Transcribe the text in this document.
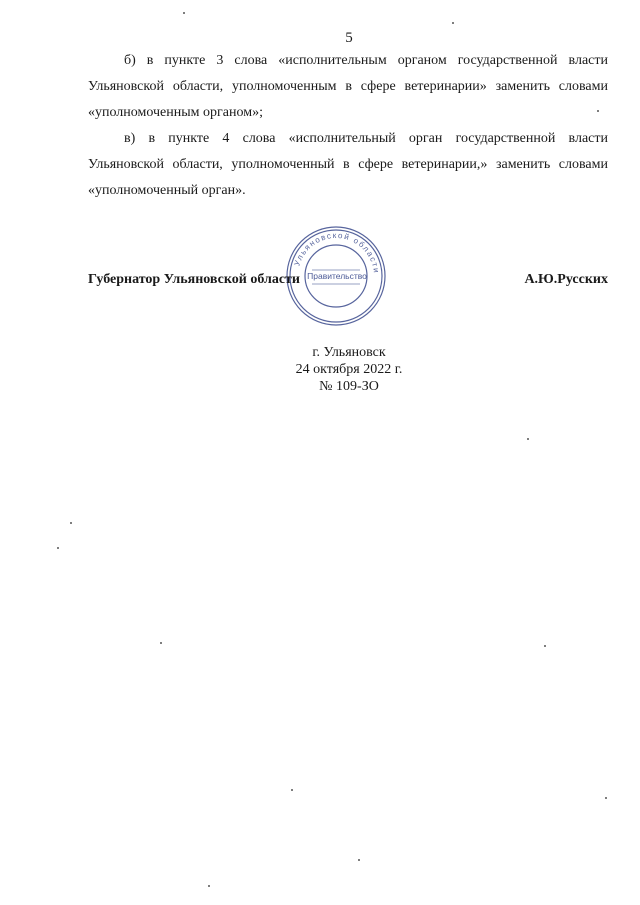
5

б) в пункте 3 слова «исполнительным органом государственной власти Ульяновской области, уполномоченным в сфере ветеринарии» заменить словами «уполномоченным органом»;

в) в пункте 4 слова «исполнительный орган государственной власти Ульяновской области, уполномоченный в сфере ветеринарии,» заменить словами «уполномоченный орган».

Ульяновской области
Правительство
Губернатор Ульяновской области	А.Ю.Русских
г. Ульяновск
24 октября 2022 г.
№ 109-ЗО
